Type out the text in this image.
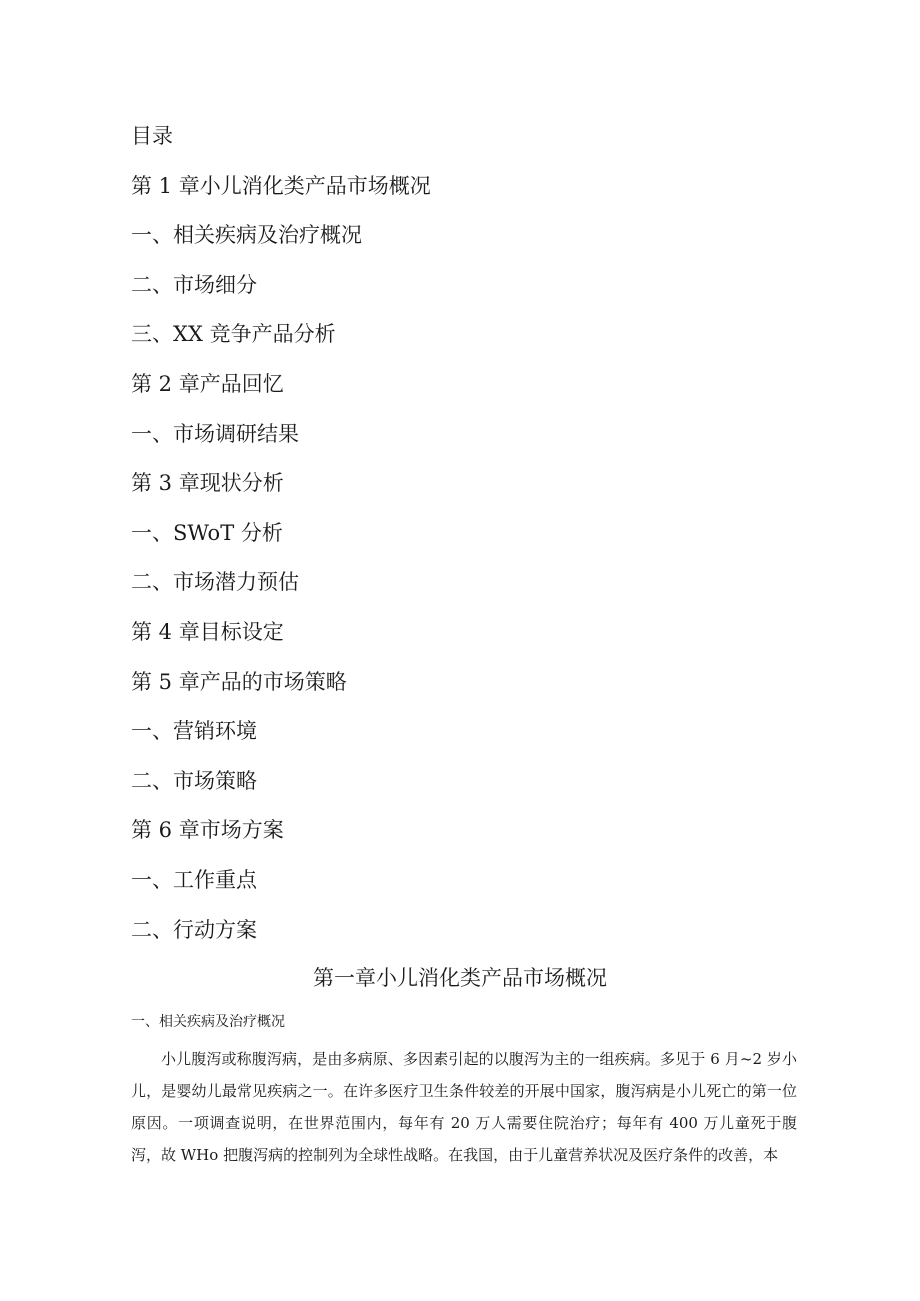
目录
第 1 章小儿消化类产品市场概况
一、相关疾病及治疗概况
二、市场细分
三、XX 竞争产品分析
第 2 章产品回忆
一、市场调研结果
第 3 章现状分析
一、SWoT 分析
二、市场潜力预估
第 4 章目标设定
第 5 章产品的市场策略
一、营销环境
二、市场策略
第 6 章市场方案
一、工作重点
二、行动方案
第一章小儿消化类产品市场概况
一、相关疾病及治疗概况

小儿腹泻或称腹泻病，是由多病原、多因素引起的以腹泻为主的一组疾病。多见于 6 月~2 岁小儿，是婴幼儿最常见疾病之一。在许多医疗卫生条件较差的开展中国家，腹泻病是小儿死亡的第一位原因。一项调查说明，在世界范围内，每年有 20 万人需要住院治疗；每年有 400 万儿童死于腹泻，故 WHo 把腹泻病的控制列为全球性战略。在我国，由于儿童营养状况及医疗条件的改善，本
